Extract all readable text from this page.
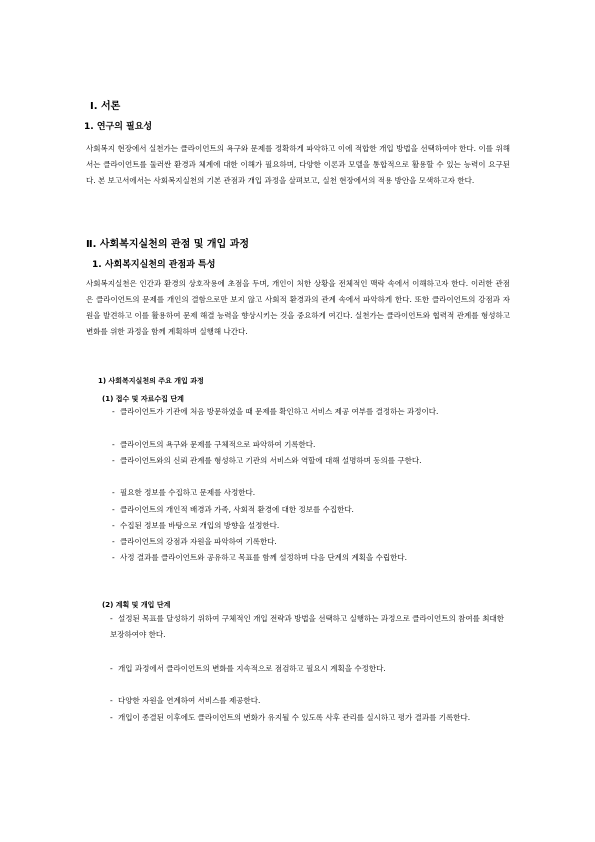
Ⅰ. 서론
1. 연구의 필요성
사회복지 현장에서 실천가는 클라이언트의 욕구와 문제를 정확하게 파악하고 이에 적합한 개입 방법을 선택하여야 한다. 이를 위해서는 클라이언트를 둘러싼 환경과 체계에 대한 이해가 필요하며, 다양한 이론과 모델을 통합적으로 활용할 수 있는 능력이 요구된다. 본 보고서에서는 사회복지실천의 기본 관점과 개입 과정을 살펴보고, 실천 현장에서의 적용 방안을 모색하고자 한다.
Ⅱ. 사회복지실천의 관점 및 개입 과정
1. 사회복지실천의 관점과 특성
사회복지실천은 인간과 환경의 상호작용에 초점을 두며, 개인이 처한 상황을 전체적인 맥락 속에서 이해하고자 한다. 이러한 관점은 클라이언트의 문제를 개인의 결함으로만 보지 않고 사회적 환경과의 관계 속에서 파악하게 한다. 또한 클라이언트의 강점과 자원을 발견하고 이를 활용하여 문제 해결 능력을 향상시키는 것을 중요하게 여긴다. 실천가는 클라이언트와 협력적 관계를 형성하고 변화를 위한 과정을 함께 계획하며 실행해 나간다.
1) 사회복지실천의 주요 개입 과정
(1) 접수 및 자료수집 단계
- 클라이언트가 기관에 처음 방문하였을 때 문제를 확인하고 서비스 제공 여부를 결정하는 과정이다.
- 클라이언트의 욕구와 문제를 구체적으로 파악하여 기록한다.
- 클라이언트와의 신뢰 관계를 형성하고 기관의 서비스와 역할에 대해 설명하며 동의를 구한다.
- 필요한 정보를 수집하고 문제를 사정한다.
- 클라이언트의 개인적 배경과 가족, 사회적 환경에 대한 정보를 수집한다.
- 수집된 정보를 바탕으로 개입의 방향을 설정한다.
- 클라이언트의 강점과 자원을 파악하여 기록한다.
- 사정 결과를 클라이언트와 공유하고 목표를 함께 설정하며 다음 단계의 계획을 수립한다.
(2) 계획 및 개입 단계
- 설정된 목표를 달성하기 위하여 구체적인 개입 전략과 방법을 선택하고 실행하는 과정으로 클라이언트의 참여를 최대한 보장하여야 한다.
- 개입 과정에서 클라이언트의 변화를 지속적으로 점검하고 필요시 계획을 수정한다.
- 다양한 자원을 연계하여 서비스를 제공한다.
- 개입이 종결된 이후에도 클라이언트의 변화가 유지될 수 있도록 사후 관리를 실시하고 평가 결과를 기록한다.
